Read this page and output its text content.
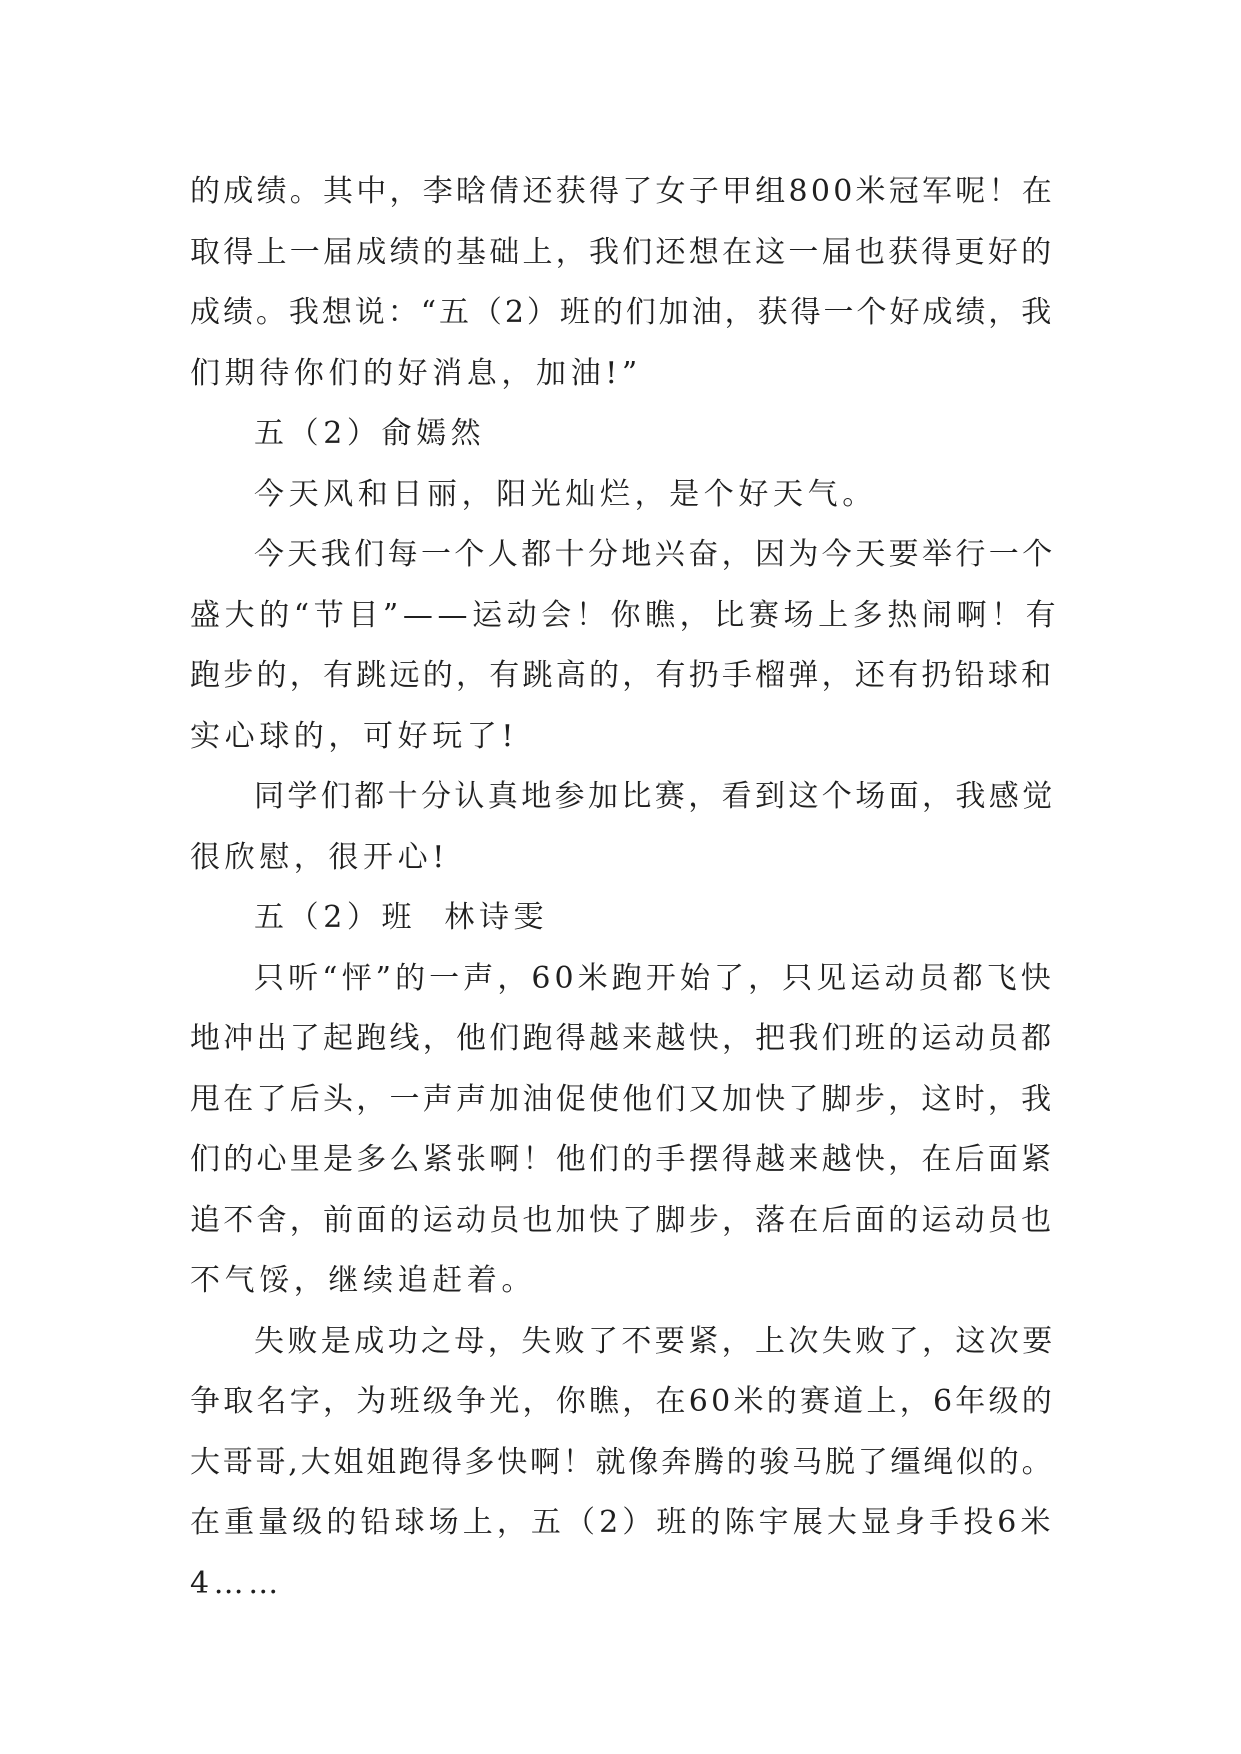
的成绩。其中，李晗倩还获得了女子甲组800米冠军呢！在
取得上一届成绩的基础上，我们还想在这一届也获得更好的
成绩。我想说：“五（2）班的们加油，获得一个好成绩，我
们期待你们的好消息，加油!”

五（2）俞嫣然

今天风和日丽，阳光灿烂，是个好天气。

今天我们每一个人都十分地兴奋，因为今天要举行一个
盛大的“节目”——运动会！你瞧，比赛场上多热闹啊！有
跑步的，有跳远的，有跳高的，有扔手榴弹，还有扔铅球和
实心球的，可好玩了!

同学们都十分认真地参加比赛，看到这个场面，我感觉
很欣慰，很开心!

五（2）班  林诗雯

只听“怦”的一声，60米跑开始了，只见运动员都飞快
地冲出了起跑线，他们跑得越来越快，把我们班的运动员都
甩在了后头，一声声加油促使他们又加快了脚步，这时，我
们的心里是多么紧张啊！他们的手摆得越来越快，在后面紧
追不舍，前面的运动员也加快了脚步，落在后面的运动员也
不气馁，继续追赶着。

失败是成功之母，失败了不要紧，上次失败了，这次要
争取名字，为班级争光，你瞧，在60米的赛道上，6年级的
大哥哥,大姐姐跑得多快啊！就像奔腾的骏马脱了缰绳似的。
在重量级的铅球场上，五（2）班的陈宇展大显身手投6米
4……
